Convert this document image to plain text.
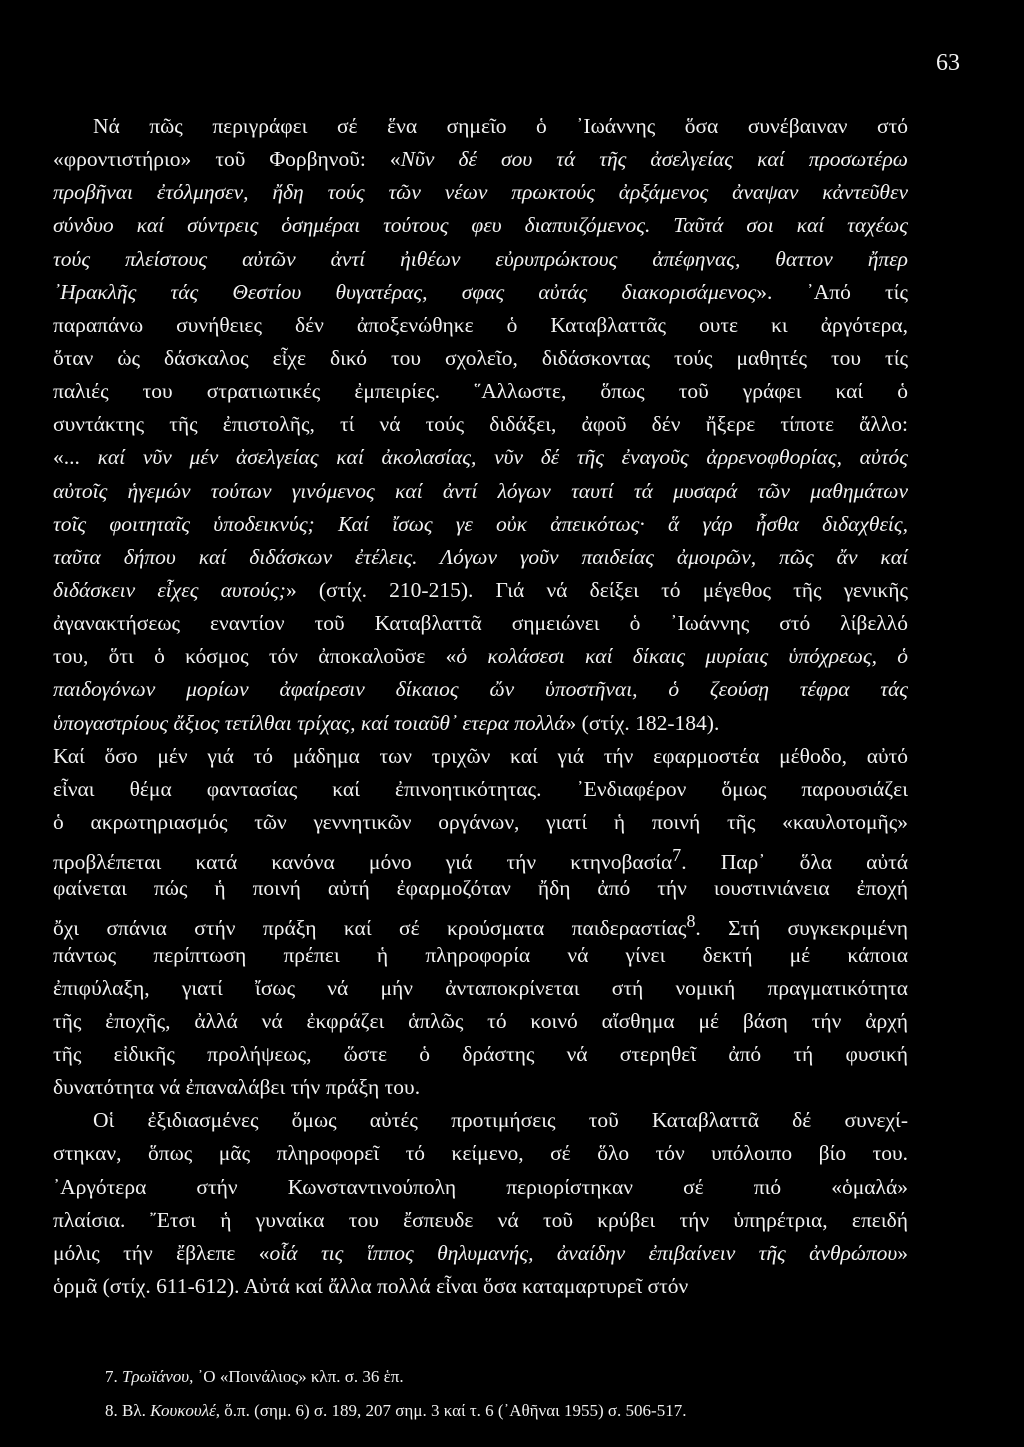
63
Νά πῶς περιγράφει σέ ἕνα σημεῖο ὁ ᾽Ιωάννης ὅσα συνέβαιναν στό
«φροντιστήριο» τοῦ Φορβηνοῦ: «Νῦν δέ σου τά τῆς ἀσελγείας καί προσωτέρω
προβῆναι ἐτόλμησεν, ἤδη τούς τῶν νέων πρωκτούς ἀρξάμενος ἀναψαν κἀντεῦθεν
σύνδυο καί σύντρεις ὁσημέραι τούτους φευ διαπυιζόμενος. Ταῦτά σοι καί ταχέως
τούς πλείστους αὐτῶν ἀντί ἠιθέων εὐρυπρώκτους ἀπέφηνας, θαττον ἤπερ
᾽Ηρακλῆς τάς Θεστίου θυγατέρας, σφας αὐτάς διακορισάμενος». ᾽Από τίς
παραπάνω συνήθειες δέν ἀποξενώθηκε ὁ Καταβλαττᾶς ουτε κι ἀργότερα,
ὅταν ὡς δάσκαλος εἶχε δικό του σχολεῖο, διδάσκοντας τούς μαθητές του τίς
παλιές του στρατιωτικές ἐμπειρίες. ῞Αλλωστε, ὅπως τοῦ γράφει καί ὁ
συντάκτης τῆς ἐπιστολῆς, τί νά τούς διδάξει, ἀφοῦ δέν ἤξερε τίποτε ἄλλο:
«... καί νῦν μέν ἀσελγείας καί ἀκολασίας, νῦν δέ τῆς ἐναγοῦς ἀρρενοφθορίας, αὐτός
αὐτοῖς ἡγεμών τούτων γινόμενος καί ἀντί λόγων ταυτί τά μυσαρά τῶν μαθημάτων
τοῖς φοιτηταῖς ὑποδεικνύς; Καί ἴσως γε οὐκ ἀπεικότως· ἅ γάρ ἦσθα διδαχθείς,
ταῦτα δήπου καί διδάσκων ἐτέλεις. Λόγων γοῦν παιδείας ἀμοιρῶν, πῶς ἄν καί
διδάσκειν εἶχες αυτούς;» (στίχ. 210-215). Γιά νά δείξει τό μέγεθος τῆς γενικῆς
ἀγανακτήσεως εναντίον τοῦ Καταβλαττᾶ σημειώνει ὁ ᾽Ιωάννης στό λίβελλό
του, ὅτι ὁ κόσμος τόν ἀποκαλοῦσε «ὁ κολάσεσι καί δίκαις μυρίαις ὑπόχρεως, ὁ
παιδογόνων μορίων ἀφαίρεσιν δίκαιος ὤν ὑποστῆναι, ὁ ζεούσῃ τέφρα τάς
ὑπογαστρίους ἄξιος τετίλθαι τρίχας, καί τοιαῦθ᾽ ετερα πολλά» (στίχ. 182-184).
Καί ὅσο μέν γιά τό μάδημα των τριχῶν καί γιά τήν εφαρμοστέα μέθοδο, αὐτό
εἶναι θέμα φαντασίας καί ἐπινοητικότητας. ᾽Ενδιαφέρον ὅμως παρουσιάζει
ὁ ακρωτηριασμός τῶν γεννητικῶν οργάνων, γιατί ἡ ποινή τῆς «καυλοτομῆς»
προβλέπεται κατά κανόνα μόνο γιά τήν κτηνοβασία$^7$. Παρ᾽ ὅλα αὐτά
φαίνεται πώς ἡ ποινή αὐτή ἐφαρμοζόταν ἤδη ἀπό τήν ιουστινιάνεια ἐποχή
ὄχι σπάνια στήν πράξη καί σέ κρούσματα παιδεραστίας$^8$. Στή συγκεκριμένη
πάντως περίπτωση πρέπει ἡ πληροφορία νά γίνει δεκτή μέ κάποια
ἐπιφύλαξη, γιατί ἴσως νά μήν ἀνταποκρίνεται στή νομική πραγματικότητα
τῆς ἐποχῆς, ἀλλά νά ἐκφράζει ἁπλῶς τό κοινό αἴσθημα μέ βάση τήν ἀρχή
τῆς εἰδικῆς προλήψεως, ὥστε ὁ δράστης νά στερηθεῖ ἀπό τή φυσική
δυνατότητα νά ἐπαναλάβει τήν πράξη του.
Οἱ ἐξιδιασμένες ὅμως αὐτές προτιμήσεις τοῦ Καταβλαττᾶ δέ συνεχί-
στηκαν, ὅπως μᾶς πληροφορεῖ τό κείμενο, σέ ὅλο τόν υπόλοιπο βίο του.
᾽Αργότερα στήν Κωνσταντινούπολη περιορίστηκαν σέ πιό «ὁμαλά»
πλαίσια. ῎Ετσι ἡ γυναίκα του ἔσπευδε νά τοῦ κρύβει τήν ὑπηρέτρια, επειδή
μόλις τήν ἔβλεπε «οἷά τις ἵππος θηλυμανής, ἀναίδην ἐπιβαίνειν τῆς ἀνθρώπου»
ὁρμᾶ (στίχ. 611-612). Αὐτά καί ἄλλα πολλά εἶναι ὅσα καταμαρτυρεῖ στόν
7. Τρωϊάνου, ᾽Ο «Ποινάλιος» κλπ. σ. 36 ἑπ.
8. Βλ. Κουκουλέ, ὅ.π. (σημ. 6) σ. 189, 207 σημ. 3 καί τ. 6 (᾽Αθῆναι 1955) σ. 506-517.
